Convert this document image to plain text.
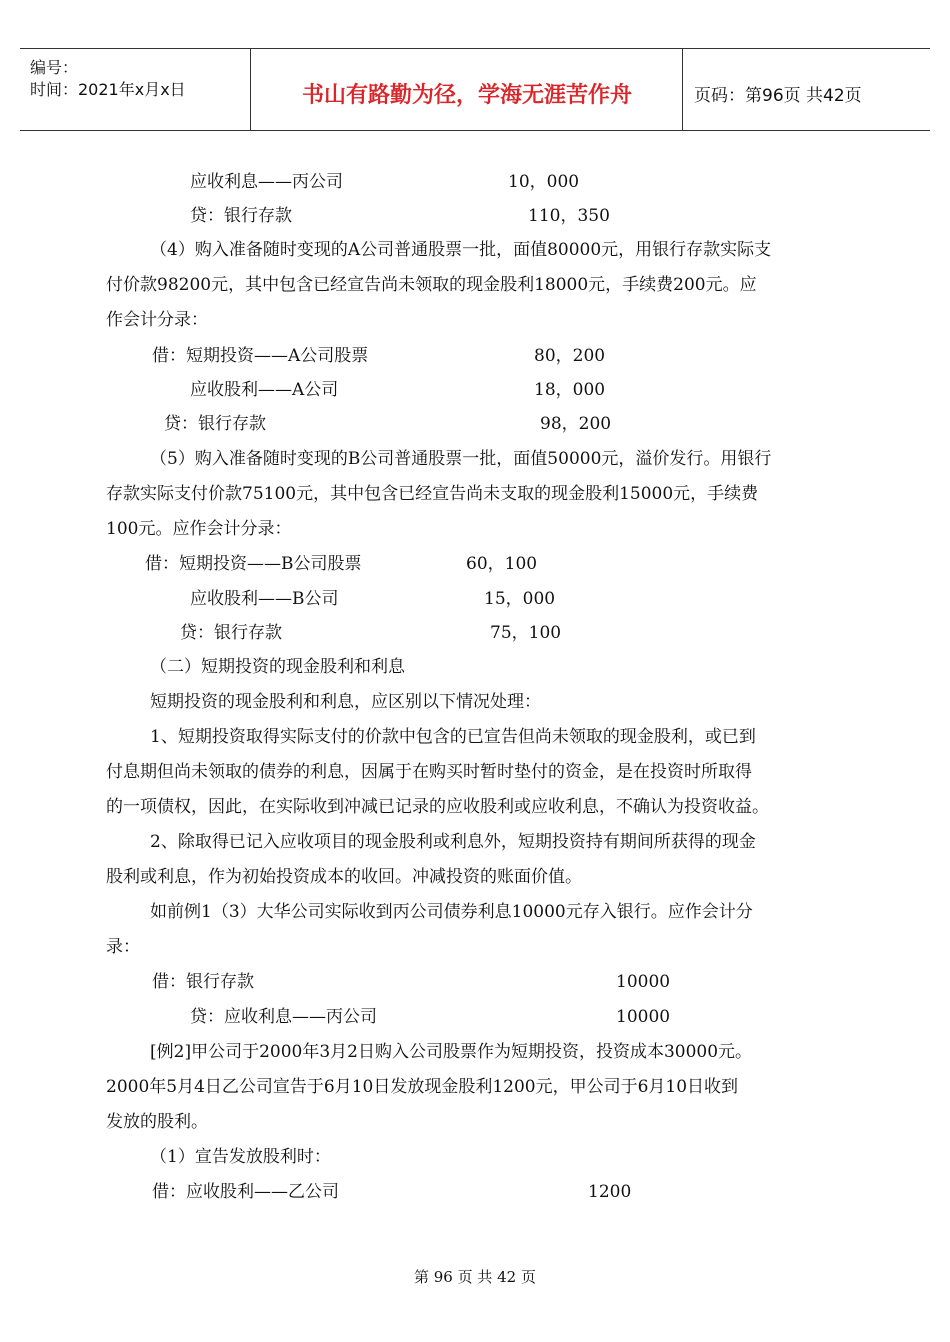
编号：
时间：2021年x月x日	书山有路勤为径，学海无涯苦作舟	页码：第96页 共42页
应收利息——丙公司	10，000
贷：银行存款	110，350
（4）购入准备随时变现的A公司普通股票一批，面值80000元，用银行存款实际支
付价款98200元，其中包含已经宣告尚未领取的现金股利18000元，手续费200元。应
作会计分录：
借：短期投资——A公司股票	80，200
应收股利——A公司	18，000
贷：银行存款	98，200
（5）购入准备随时变现的B公司普通股票一批，面值50000元，溢价发行。用银行
存款实际支付价款75100元，其中包含已经宣告尚未支取的现金股利15000元，手续费
100元。应作会计分录：
借：短期投资——B公司股票	60，100
应收股利——B公司	15，000
贷：银行存款	75，100
（二）短期投资的现金股利和利息
短期投资的现金股利和利息，应区别以下情况处理：
1、短期投资取得实际支付的价款中包含的已宣告但尚未领取的现金股利，或已到
付息期但尚未领取的债券的利息，因属于在购买时暂时垫付的资金，是在投资时所取得
的一项债权，因此，在实际收到冲减已记录的应收股利或应收利息，不确认为投资收益。
2、除取得已记入应收项目的现金股利或利息外，短期投资持有期间所获得的现金
股利或利息，作为初始投资成本的收回。冲减投资的账面价值。
如前例1（3）大华公司实际收到丙公司债券利息10000元存入银行。应作会计分
录：
借：银行存款	10000
贷：应收利息——丙公司	10000
[例2]甲公司于2000年3月2日购入公司股票作为短期投资，投资成本30000元。
2000年5月4日乙公司宣告于6月10日发放现金股利1200元，甲公司于6月10日收到
发放的股利。
（1）宣告发放股利时：
借：应收股利——乙公司	1200
第 96 页 共 42 页
